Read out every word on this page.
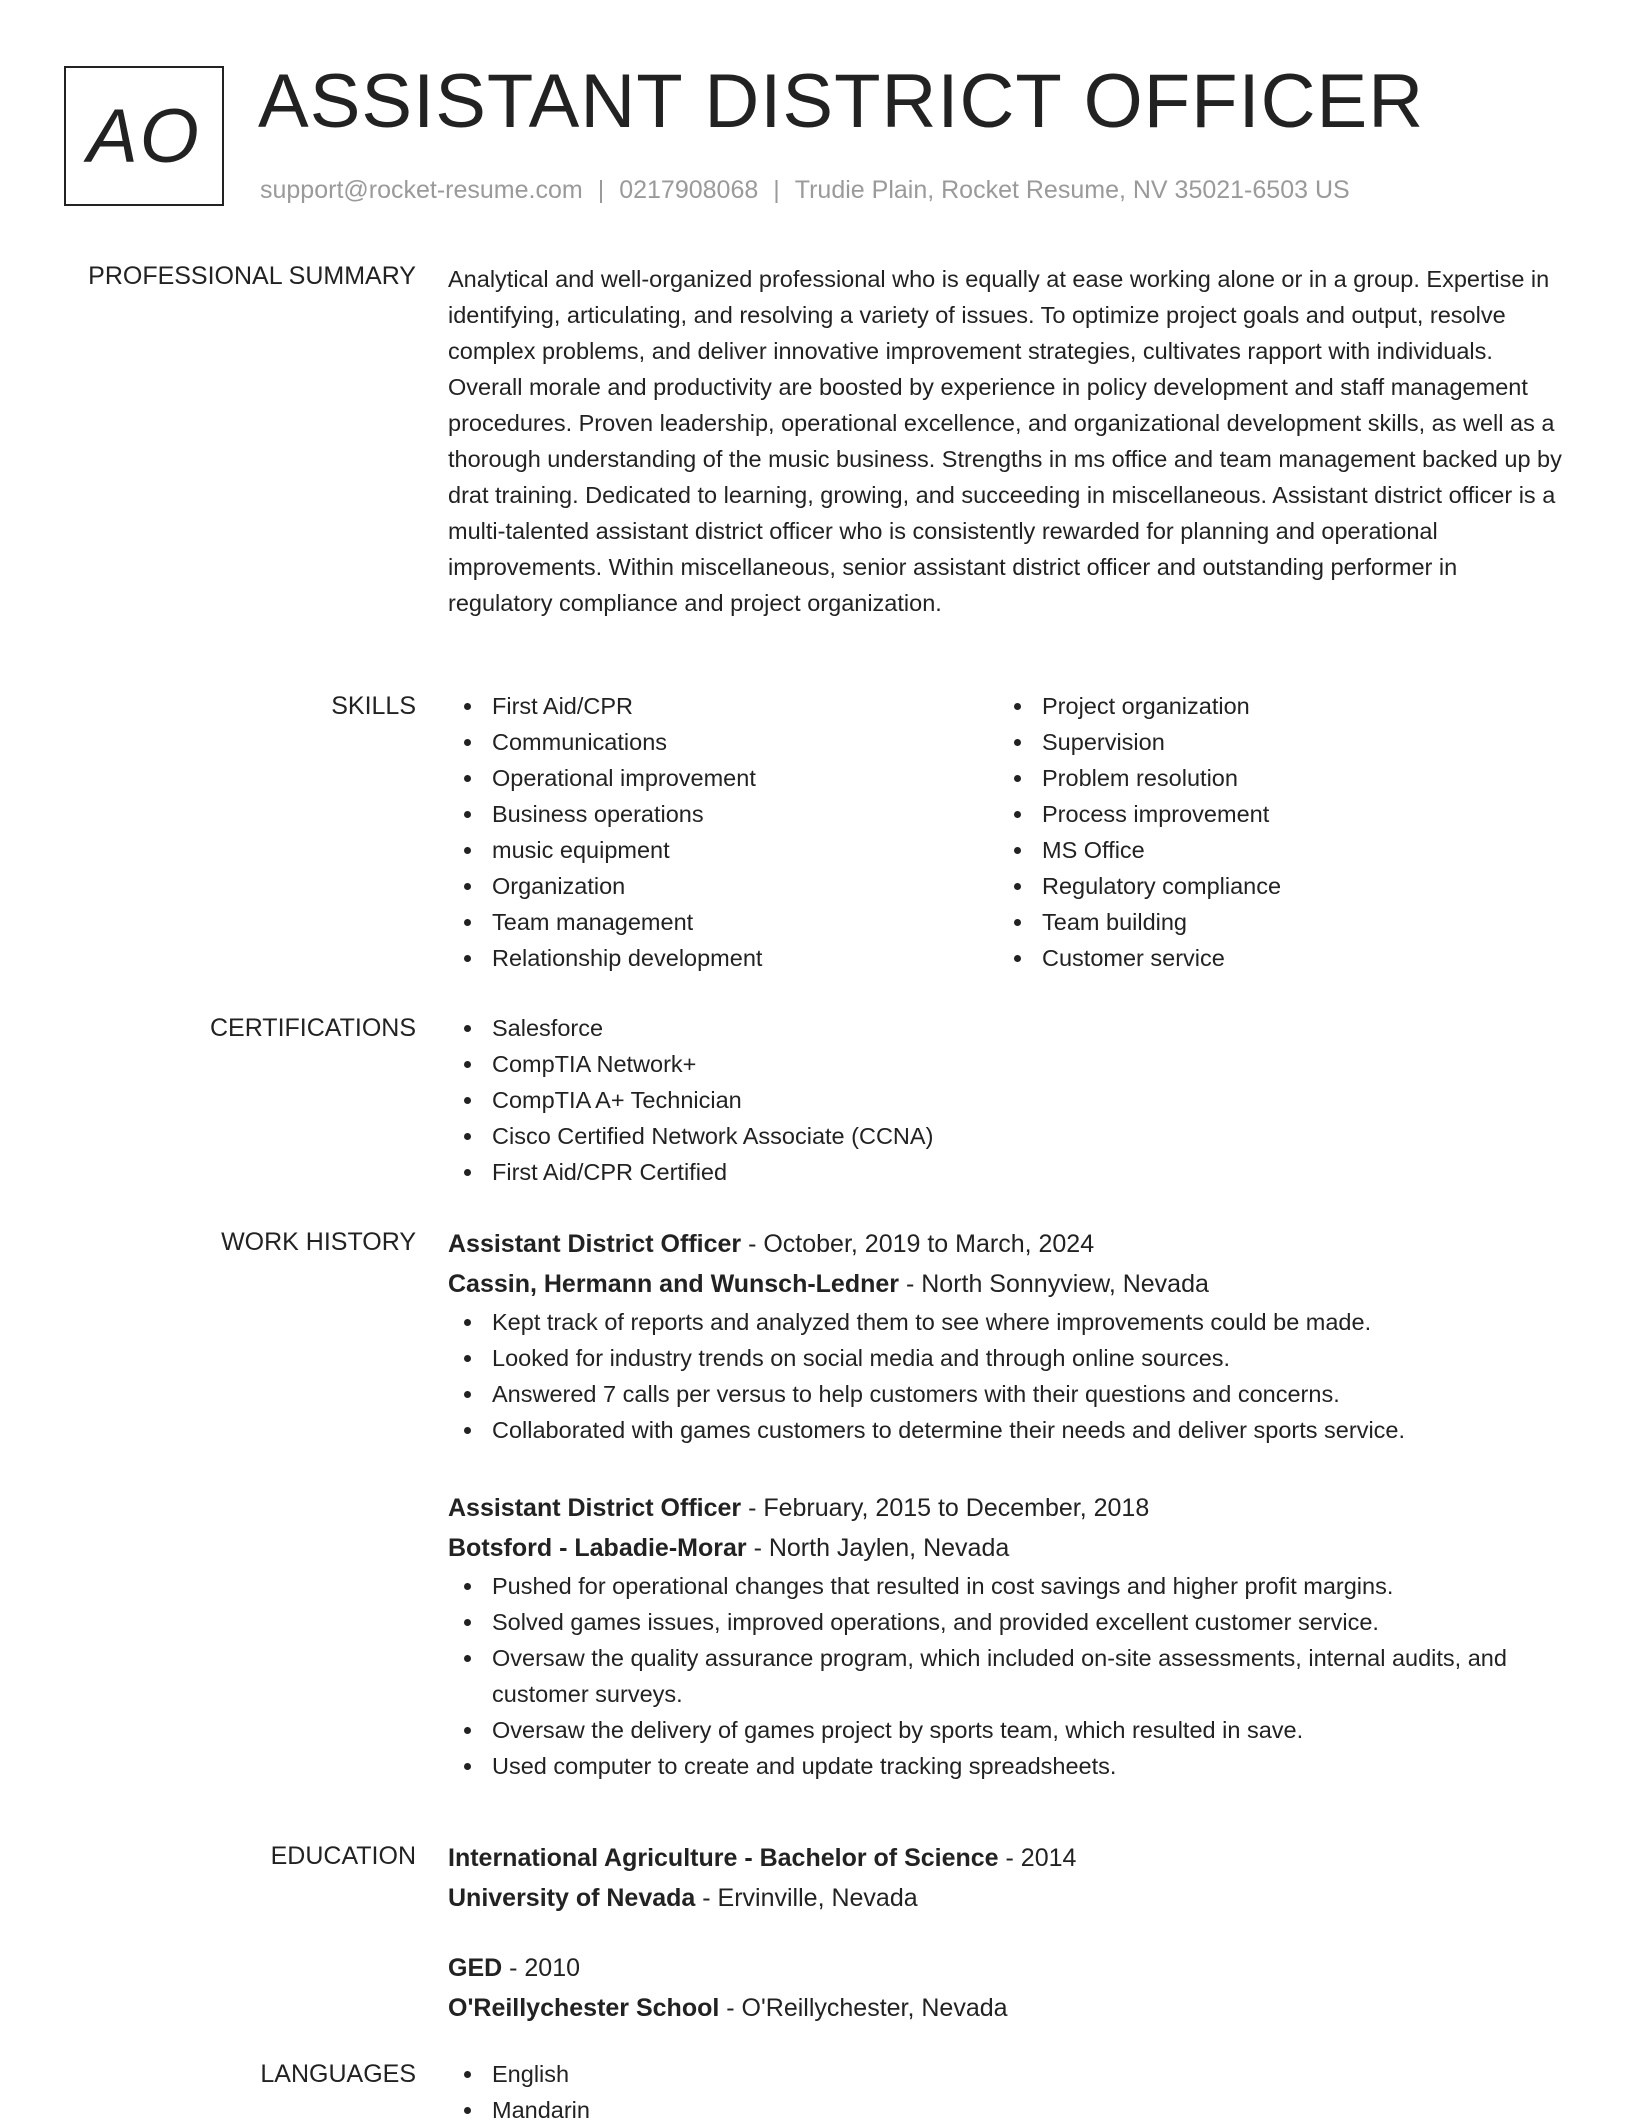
AO ASSISTANT DISTRICT OFFICER
support@rocket-resume.com | 0217908068 | Trudie Plain, Rocket Resume, NV 35021-6503 US
PROFESSIONAL SUMMARY Analytical and well-organized professional who is equally at ease working alone or in a group. Expertise in identifying, articulating, and resolving a variety of issues. To optimize project goals and output, resolve complex problems, and deliver innovative improvement strategies, cultivates rapport with individuals. Overall morale and productivity are boosted by experience in policy development and staff management procedures. Proven leadership, operational excellence, and organizational development skills, as well as a thorough understanding of the music business. Strengths in ms office and team management backed up by drat training. Dedicated to learning, growing, and succeeding in miscellaneous. Assistant district officer is a multi-talented assistant district officer who is consistently rewarded for planning and operational improvements. Within miscellaneous, senior assistant district officer and outstanding performer in regulatory compliance and project organization.

SKILLS	First Aid/CPR
Communications
Operational improvement
Business operations
music equipment
Organization
Team management
Relationship development
Project organization
Supervision
Problem resolution
Process improvement
MS Office
Regulatory compliance
Team building
Customer service
CERTIFICATIONS	Salesforce
CompTIA Network+
CompTIA A+ Technician
Cisco Certified Network Associate (CCNA)
First Aid/CPR Certified
WORK HISTORY Assistant District Officer - October, 2019 to March, 2024
Cassin, Hermann and Wunsch-Ledner - North Sonnyview, Nevada
Kept track of reports and analyzed them to see where improvements could be made.
Looked for industry trends on social media and through online sources.
Answered 7 calls per versus to help customers with their questions and concerns.
Collaborated with games customers to determine their needs and deliver sports service.
Assistant District Officer - February, 2015 to December, 2018
Botsford - Labadie-Morar - North Jaylen, Nevada
Pushed for operational changes that resulted in cost savings and higher profit margins.
Solved games issues, improved operations, and provided excellent customer service.
Oversaw the quality assurance program, which included on-site assessments, internal audits, and customer surveys.
Oversaw the delivery of games project by sports team, which resulted in save.
Used computer to create and update tracking spreadsheets.
EDUCATION International Agriculture - Bachelor of Science - 2014
University of Nevada - Ervinville, Nevada
GED - 2010
O'Reillychester School - O'Reillychester, Nevada
LANGUAGES	English
Mandarin
